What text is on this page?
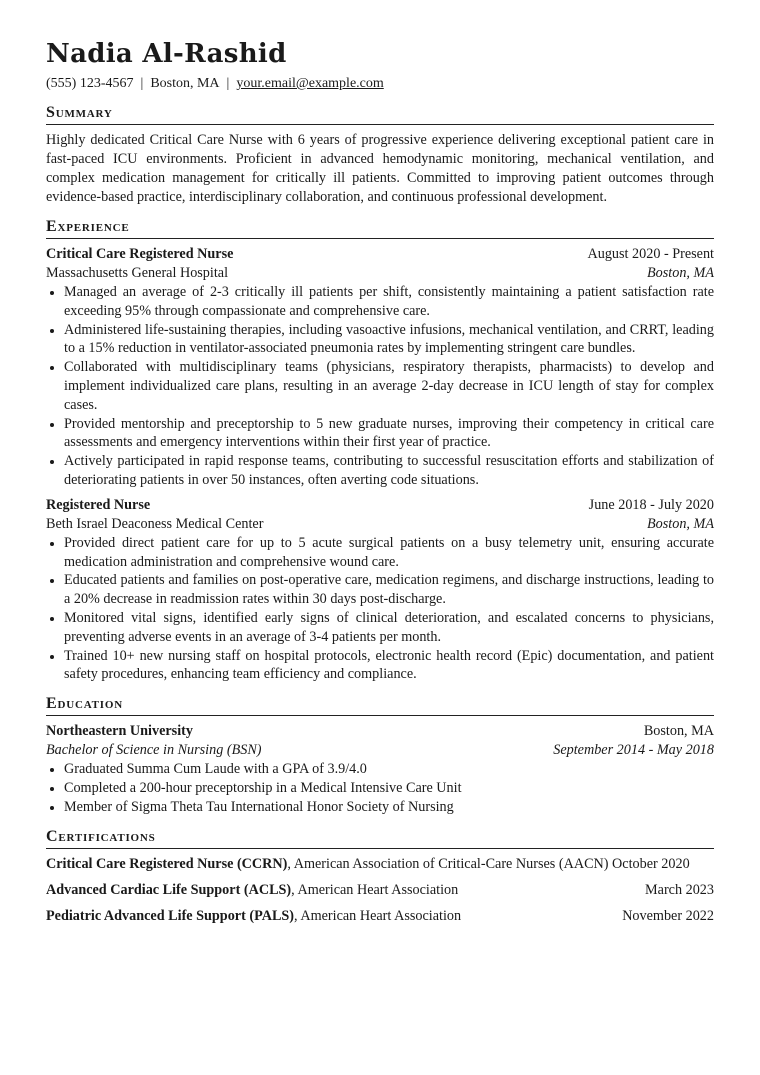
Nadia Al-Rashid
(555) 123-4567 | Boston, MA | your.email@example.com
Summary

Highly dedicated Critical Care Nurse with 6 years of progressive experience delivering exceptional patient care in fast-paced ICU environments. Proficient in advanced hemodynamic monitoring, mechanical ventilation, and complex medication management for critically ill patients. Committed to improving patient outcomes through evidence-based practice, interdisciplinary collaboration, and continuous professional development.

Experience
Critical Care Registered Nurse	August 2020 - Present
Massachusetts General Hospital	Boston, MA
• Managed an average of 2-3 critically ill patients per shift, consistently maintaining a patient satisfaction rate exceeding 95% through compassionate and comprehensive care.
• Administered life-sustaining therapies, including vasoactive infusions, mechanical ventilation, and CRRT, leading to a 15% reduction in ventilator-associated pneumonia rates by implementing stringent care bundles.
• Collaborated with multidisciplinary teams (physicians, respiratory therapists, pharmacists) to develop and implement individualized care plans, resulting in an average 2-day decrease in ICU length of stay for complex cases.
• Provided mentorship and preceptorship to 5 new graduate nurses, improving their competency in critical care assessments and emergency interventions within their first year of practice.
• Actively participated in rapid response teams, contributing to successful resuscitation efforts and stabilization of deteriorating patients in over 50 instances, often averting code situations.
Registered Nurse	June 2018 - July 2020
Beth Israel Deaconess Medical Center	Boston, MA
• Provided direct patient care for up to 5 acute surgical patients on a busy telemetry unit, ensuring accurate medication administration and comprehensive wound care.
• Educated patients and families on post-operative care, medication regimens, and discharge instructions, leading to a 20% decrease in readmission rates within 30 days post-discharge.
• Monitored vital signs, identified early signs of clinical deterioration, and escalated concerns to physicians, preventing adverse events in an average of 3-4 patients per month.
• Trained 10+ new nursing staff on hospital protocols, electronic health record (Epic) documentation, and patient safety procedures, enhancing team efficiency and compliance.
Education
Northeastern University	Boston, MA
Bachelor of Science in Nursing (BSN)	September 2014 - May 2018
• Graduated Summa Cum Laude with a GPA of 3.9/4.0
• Completed a 200-hour preceptorship in a Medical Intensive Care Unit
• Member of Sigma Theta Tau International Honor Society of Nursing
Certifications
Critical Care Registered Nurse (CCRN), American Association of Critical-Care Nurses (AACN) October 2020
Advanced Cardiac Life Support (ACLS), American Heart Association	March 2023
Pediatric Advanced Life Support (PALS), American Heart Association	November 2022
